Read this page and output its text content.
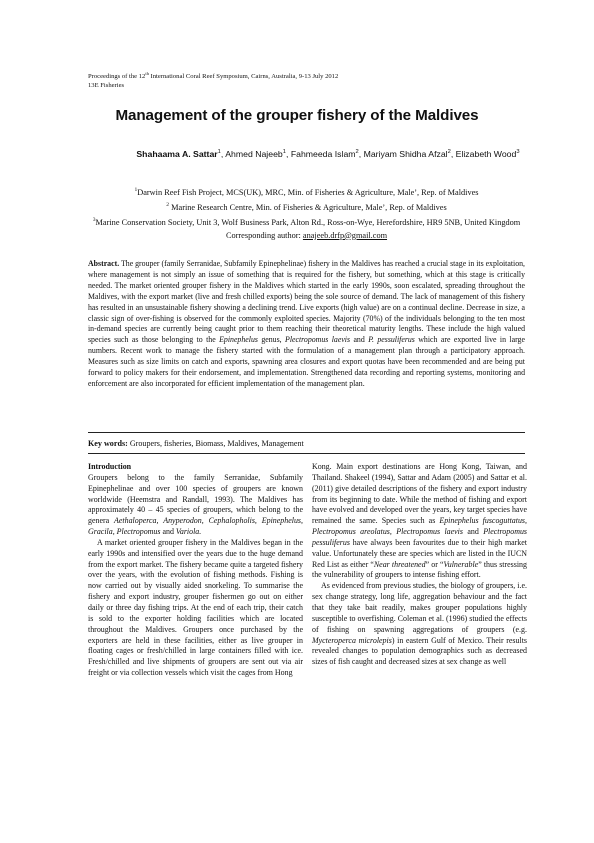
Proceedings of the 12th International Coral Reef Symposium, Cairns, Australia, 9-13 July 2012
13E Fisheries
Management of the grouper fishery of the Maldives
Shahaama A. Sattar$^1$, Ahmed Najeeb$^1$, Fahmeeda Islam$^2$, Mariyam Shidha Afzal$^2$, Elizabeth Wood$^3$
$^1$Darwin Reef Fish Project, MCS(UK), MRC, Min. of Fisheries & Agriculture, Male’, Rep. of Maldives
$^2$ Marine Research Centre, Min. of Fisheries & Agriculture, Male’, Rep. of Maldives
$^3$Marine Conservation Society, Unit 3, Wolf Business Park, Alton Rd., Ross-on-Wye, Herefordshire, HR9 5NB, United Kingdom
Corresponding author: anajeeb.drfp@gmail.com

Abstract. The grouper (family Serranidae, Subfamily Epinephelinae) fishery in the Maldives has reached a crucial stage in its exploitation, where management is not simply an issue of something that is required for the fishery, but something, which at this stage is critically needed. The market oriented grouper fishery in the Maldives which started in the early 1990s, soon escalated, spreading throughout the Maldives, with the export market (live and fresh chilled exports) being the sole source of demand. The lack of management of this fishery has resulted in an unsustainable fishery showing a declining trend. Live exports (high value) are on a continual decline. Decrease in size, a classic sign of over-fishing is observed for the commonly exploited species. Majority (70%) of the individuals belonging to the ten most in-demand species are currently being caught prior to them reaching their theoretical maturity lengths. These include the high valued species such as those belonging to the Epinephelus genus, Plectropomus laevis and P. pessuliferus which are exported live in large numbers. Recent work to manage the fishery started with the formulation of a management plan through a participatory approach. Measures such as size limits on catch and exports, spawning area closures and export quotas have been recommended and are being put forward to policy makers for their endorsement, and implementation. Strengthened data recording and reporting systems, monitoring and enforcement are also incorporated for efficient implementation of the management plan.

Key words: Groupers, fisheries, Biomass, Maldives, Management

Introduction

Groupers belong to the family Serranidae, Subfamily Epinephelinae and over 100 species of groupers are known worldwide (Heemstra and Randall, 1993). The Maldives has approximately 40 – 45 species of groupers, which belong to the genera Aethaloperca, Anyperodon, Cephalopholis, Epinephelus, Gracila, Plectropomus and Variola.

A market oriented grouper fishery in the Maldives began in the early 1990s and intensified over the years due to the huge demand from the export market. The fishery became quite a targeted fishery over the years, with the evolution of fishing methods. Fishing is now carried out by visually aided snorkeling. To summarise the fishery and export industry, grouper fishermen go out on either daily or three day fishing trips. At the end of each trip, their catch is sold to the exporter holding facilities which are located throughout the Maldives. Groupers once purchased by the exporters are held in these facilities, either as live grouper in floating cages or fresh/chilled in large containers filled with ice. Fresh/chilled and live shipments of groupers are sent out via air freight or via collection vessels which visit the cages from Hong

Kong. Main export destinations are Hong Kong, Taiwan, and Thailand. Shakeel (1994), Sattar and Adam (2005) and Sattar et al. (2011) give detailed descriptions of the fishery and export industry from its beginning to date. While the method of fishing and export have evolved and developed over the years, key target species have remained the same. Species such as Epinephelus fuscoguttatus, Plectropomus areolatus, Plectropomus laevis and Plectropomus pessuliferus have always been favourites due to their high market value. Unfortunately these are species which are listed in the IUCN Red List as either “Near threatened” or “Vulnerable” thus stressing the vulnerability of groupers to intense fishing effort.

As evidenced from previous studies, the biology of groupers, i.e. sex change strategy, long life, aggregation behaviour and the fact that they take bait readily, makes grouper populations highly susceptible to overfishing. Coleman et al. (1996) studied the effects of fishing on spawning aggregations of groupers (e.g. Mycteroperca microlepis) in eastern Gulf of Mexico. Their results revealed changes to population demographics such as decreased sizes of fish caught and decreased sizes at sex change as well
